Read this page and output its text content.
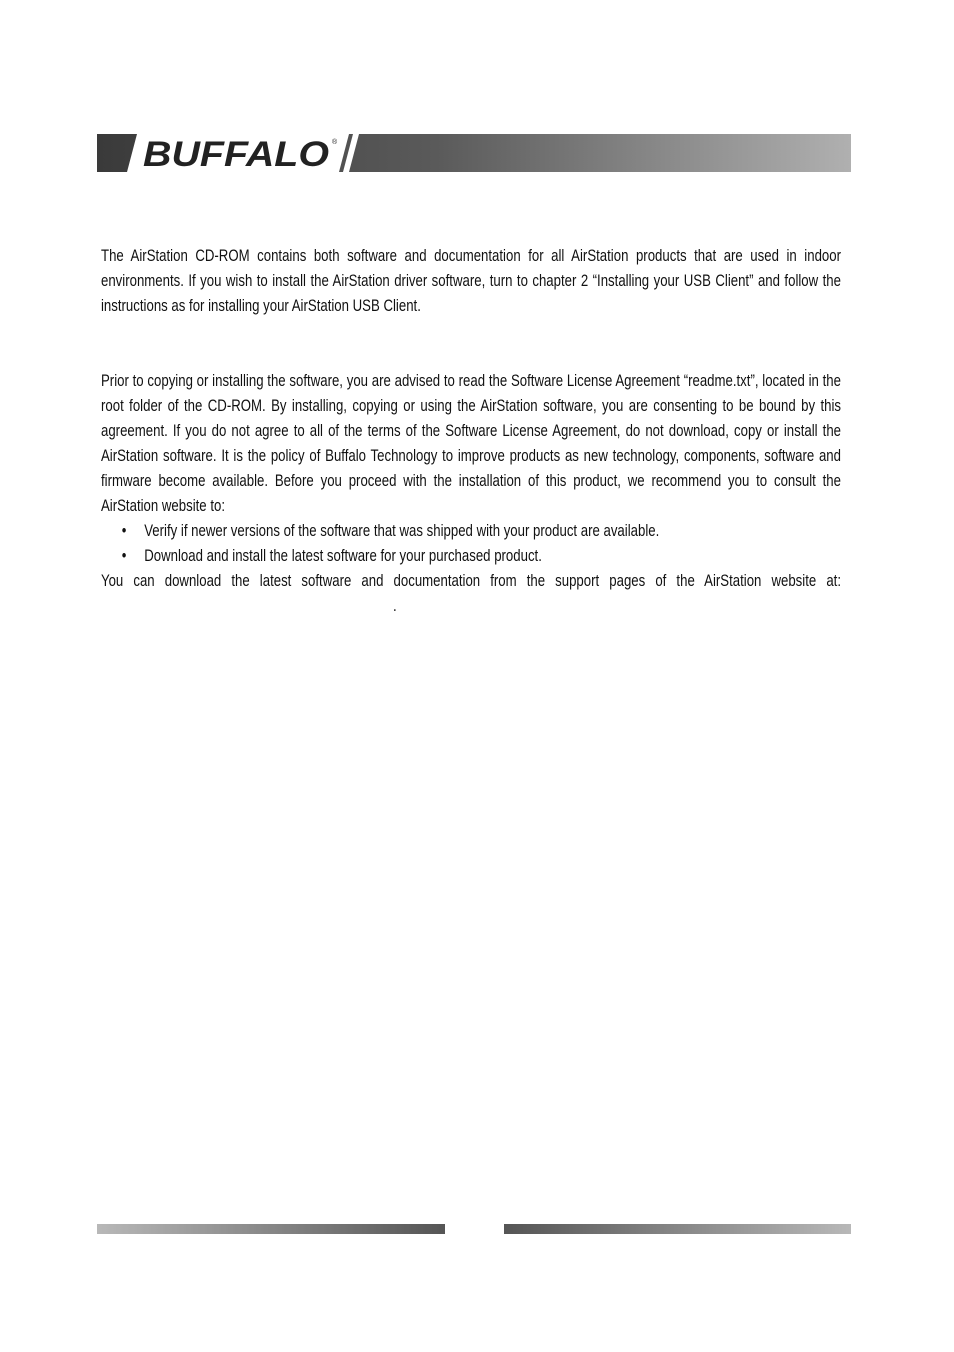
BUFFALO ®

The AirStation CD-ROM contains both software and documentation for all AirStation products that are used in indoor environments. If you wish to install the AirStation driver software, turn to chapter 2 “Installing your USB Client” and follow the instructions as for installing your AirStation USB Client.

Prior to copying or installing the software, you are advised to read the Software License Agreement “readme.txt”, located in the root folder of the CD-ROM. By installing, copying or using the AirStation software, you are consenting to be bound by this agreement. If you do not agree to all of the terms of the Software License Agreement, do not download, copy or install the AirStation software. It is the policy of Buffalo Technology to improve products as new technology, components, software and firmware become available. Before you proceed with the installation of this product, we recommend you to consult the AirStation website to:

• Verify if newer versions of the software that was shipped with your product are available.
• Download and install the latest software for your purchased product.

You can download the latest software and documentation from the support pages of the AirStation website at: .
